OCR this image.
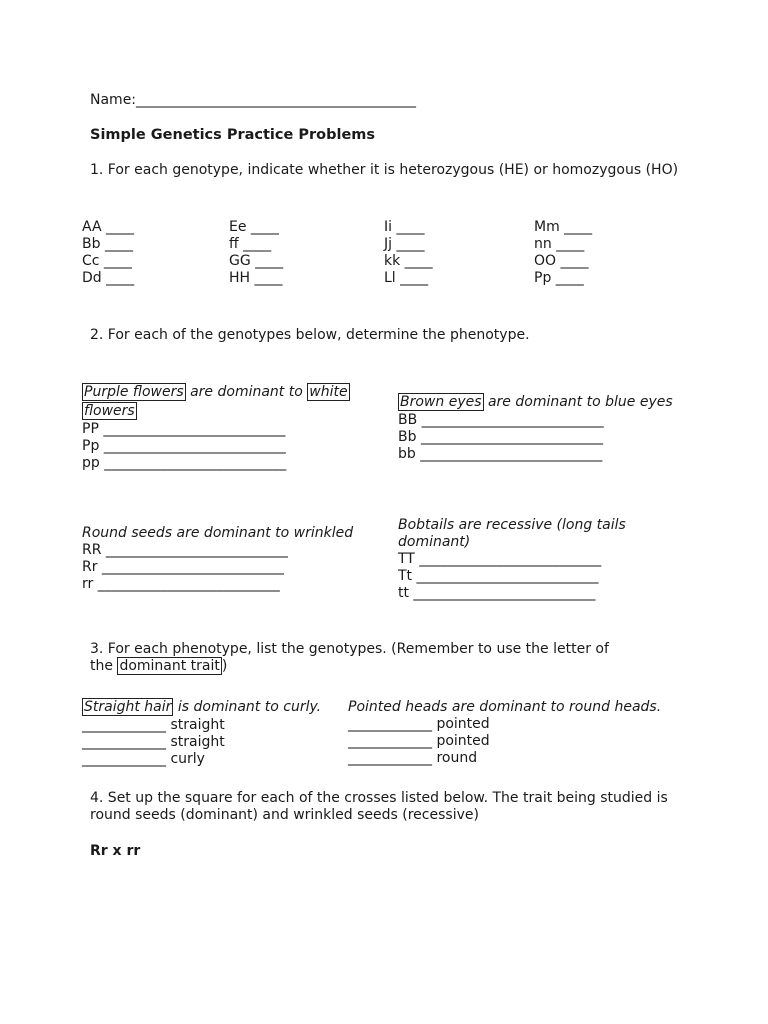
Name:________________________________________
Simple Genetics Practice Problems
1. For each genotype, indicate whether it is heterozygous (HE) or homozygous (HO)
AA ____
Bb ____
Cc ____
Dd ____
Ee ____
ff ____
GG ____
HH ____
Ii ____
Jj ____
kk ____
Ll ____
Mm ____
nn ____
OO ____
Pp ____
2. For each of the genotypes below, determine the phenotype.
Purple flowers are dominant to white
flowers
PP __________________________
Pp __________________________
pp __________________________
Brown eyes are dominant to blue eyes
BB __________________________
Bb __________________________
bb __________________________
Round seeds are dominant to wrinkled
RR __________________________
Rr __________________________
rr __________________________
Bobtails are recessive (long tails
dominant)
TT __________________________
Tt __________________________
tt __________________________
3. For each phenotype, list the genotypes. (Remember to use the letter of
the dominant trait )
Straight hair is dominant to curly.
____________ straight
____________ straight
____________ curly
Pointed heads are dominant to round heads.
____________ pointed
____________ pointed
____________ round
4. Set up the square for each of the crosses listed below. The trait being studied is
round seeds (dominant) and wrinkled seeds (recessive)
Rr x rr
